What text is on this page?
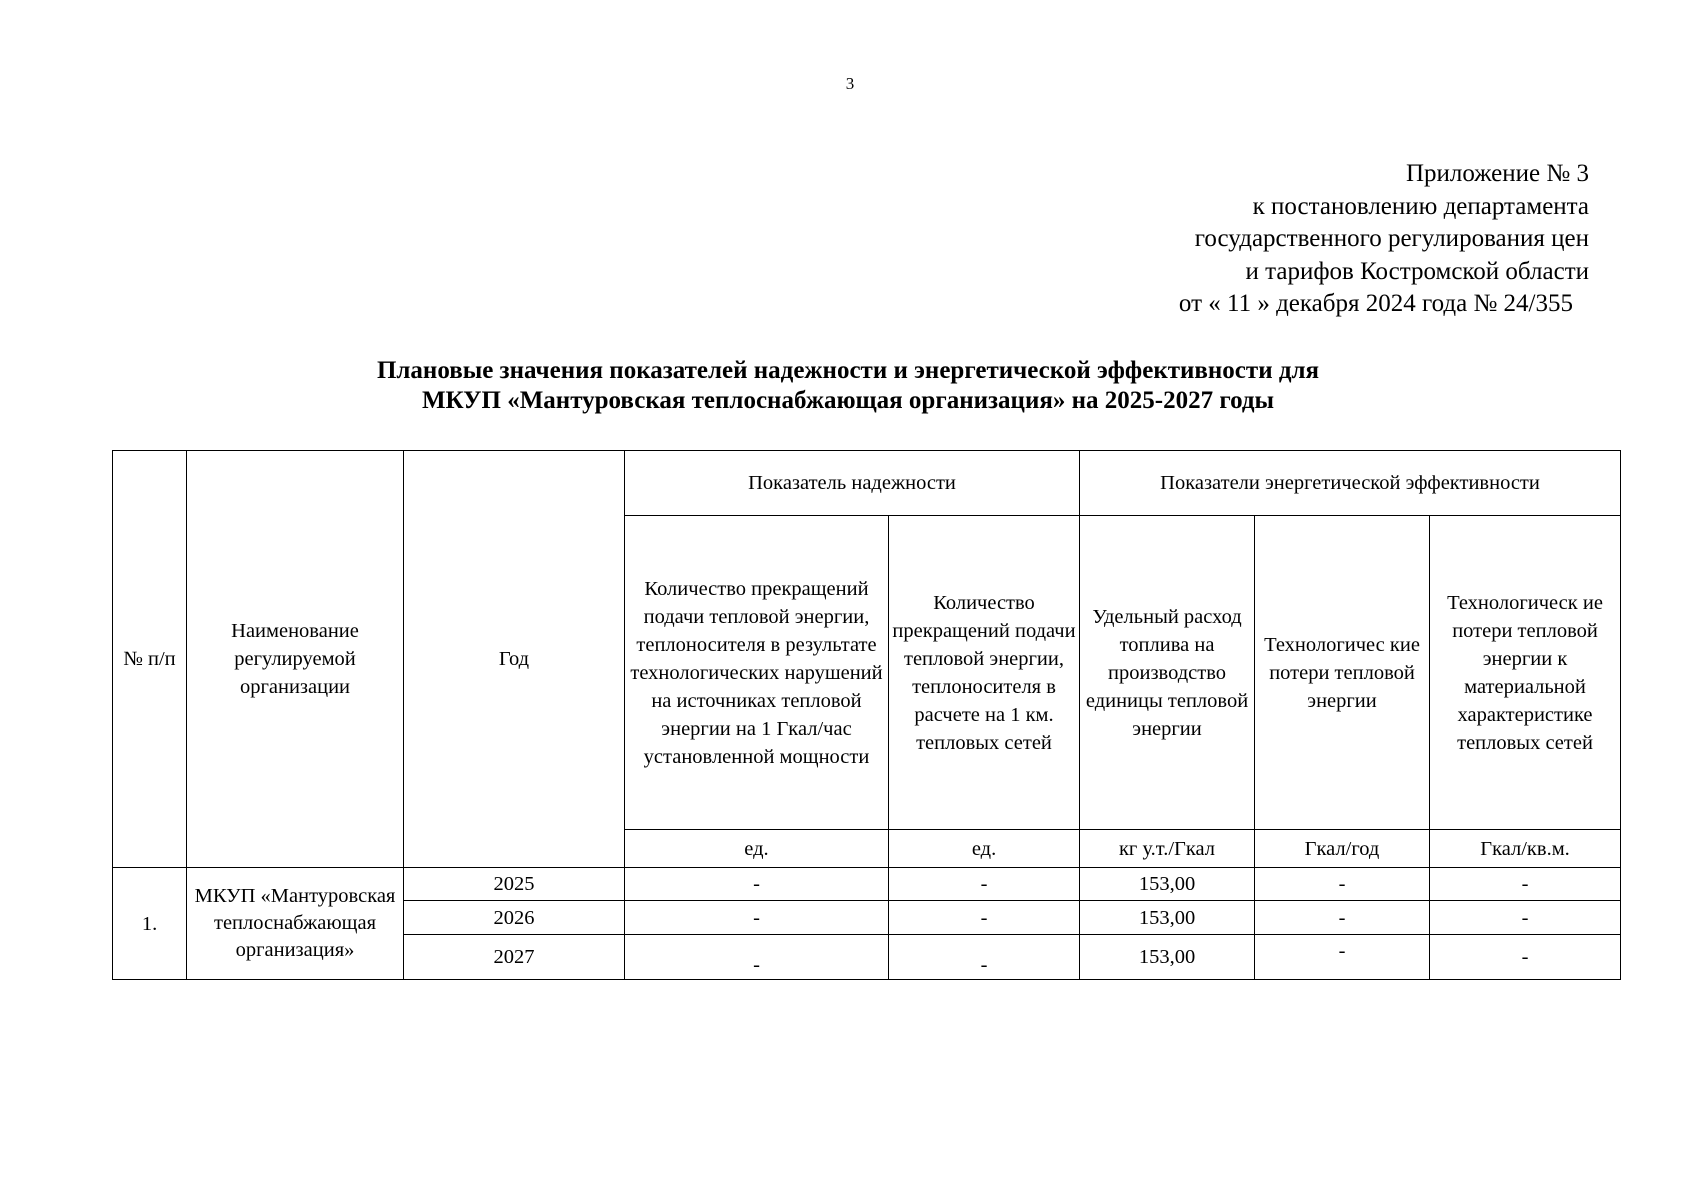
3
Приложение № 3
к постановлению департамента
государственного регулирования цен
и тарифов Костромской области
от « 11 » декабря 2024 года № 24/355
Плановые значения показателей надежности и энергетической эффективности для
МКУП «Мантуровская теплоснабжающая организация» на 2025-2027 годы
№ п/п	Наименование регулируемой организации	Год	Показатель надежности		Показатели энергетической эффективности		
			Количество прекращений подачи тепловой энергии, теплоносителя в результате технологических нарушений на источниках тепловой энергии на 1 Гкал/час установленной мощности	Количество прекращений подачи тепловой энергии, теплоносителя в расчете на 1 км. тепловых сетей	Удельный расход топлива на производство единицы тепловой энергии	Технологичес кие потери тепловой энергии	Технологическ ие потери тепловой энергии к материальной характеристике тепловых сетей
			ед.	ед.	кг у.т./Гкал	Гкал/год	Гкал/кв.м.
1.	МКУП «Мантуровская теплоснабжающая организация»	2025	-	-	153,00	-	-
		2026	-	-	153,00	-	-
		2027	-	-	153,00	-	-
